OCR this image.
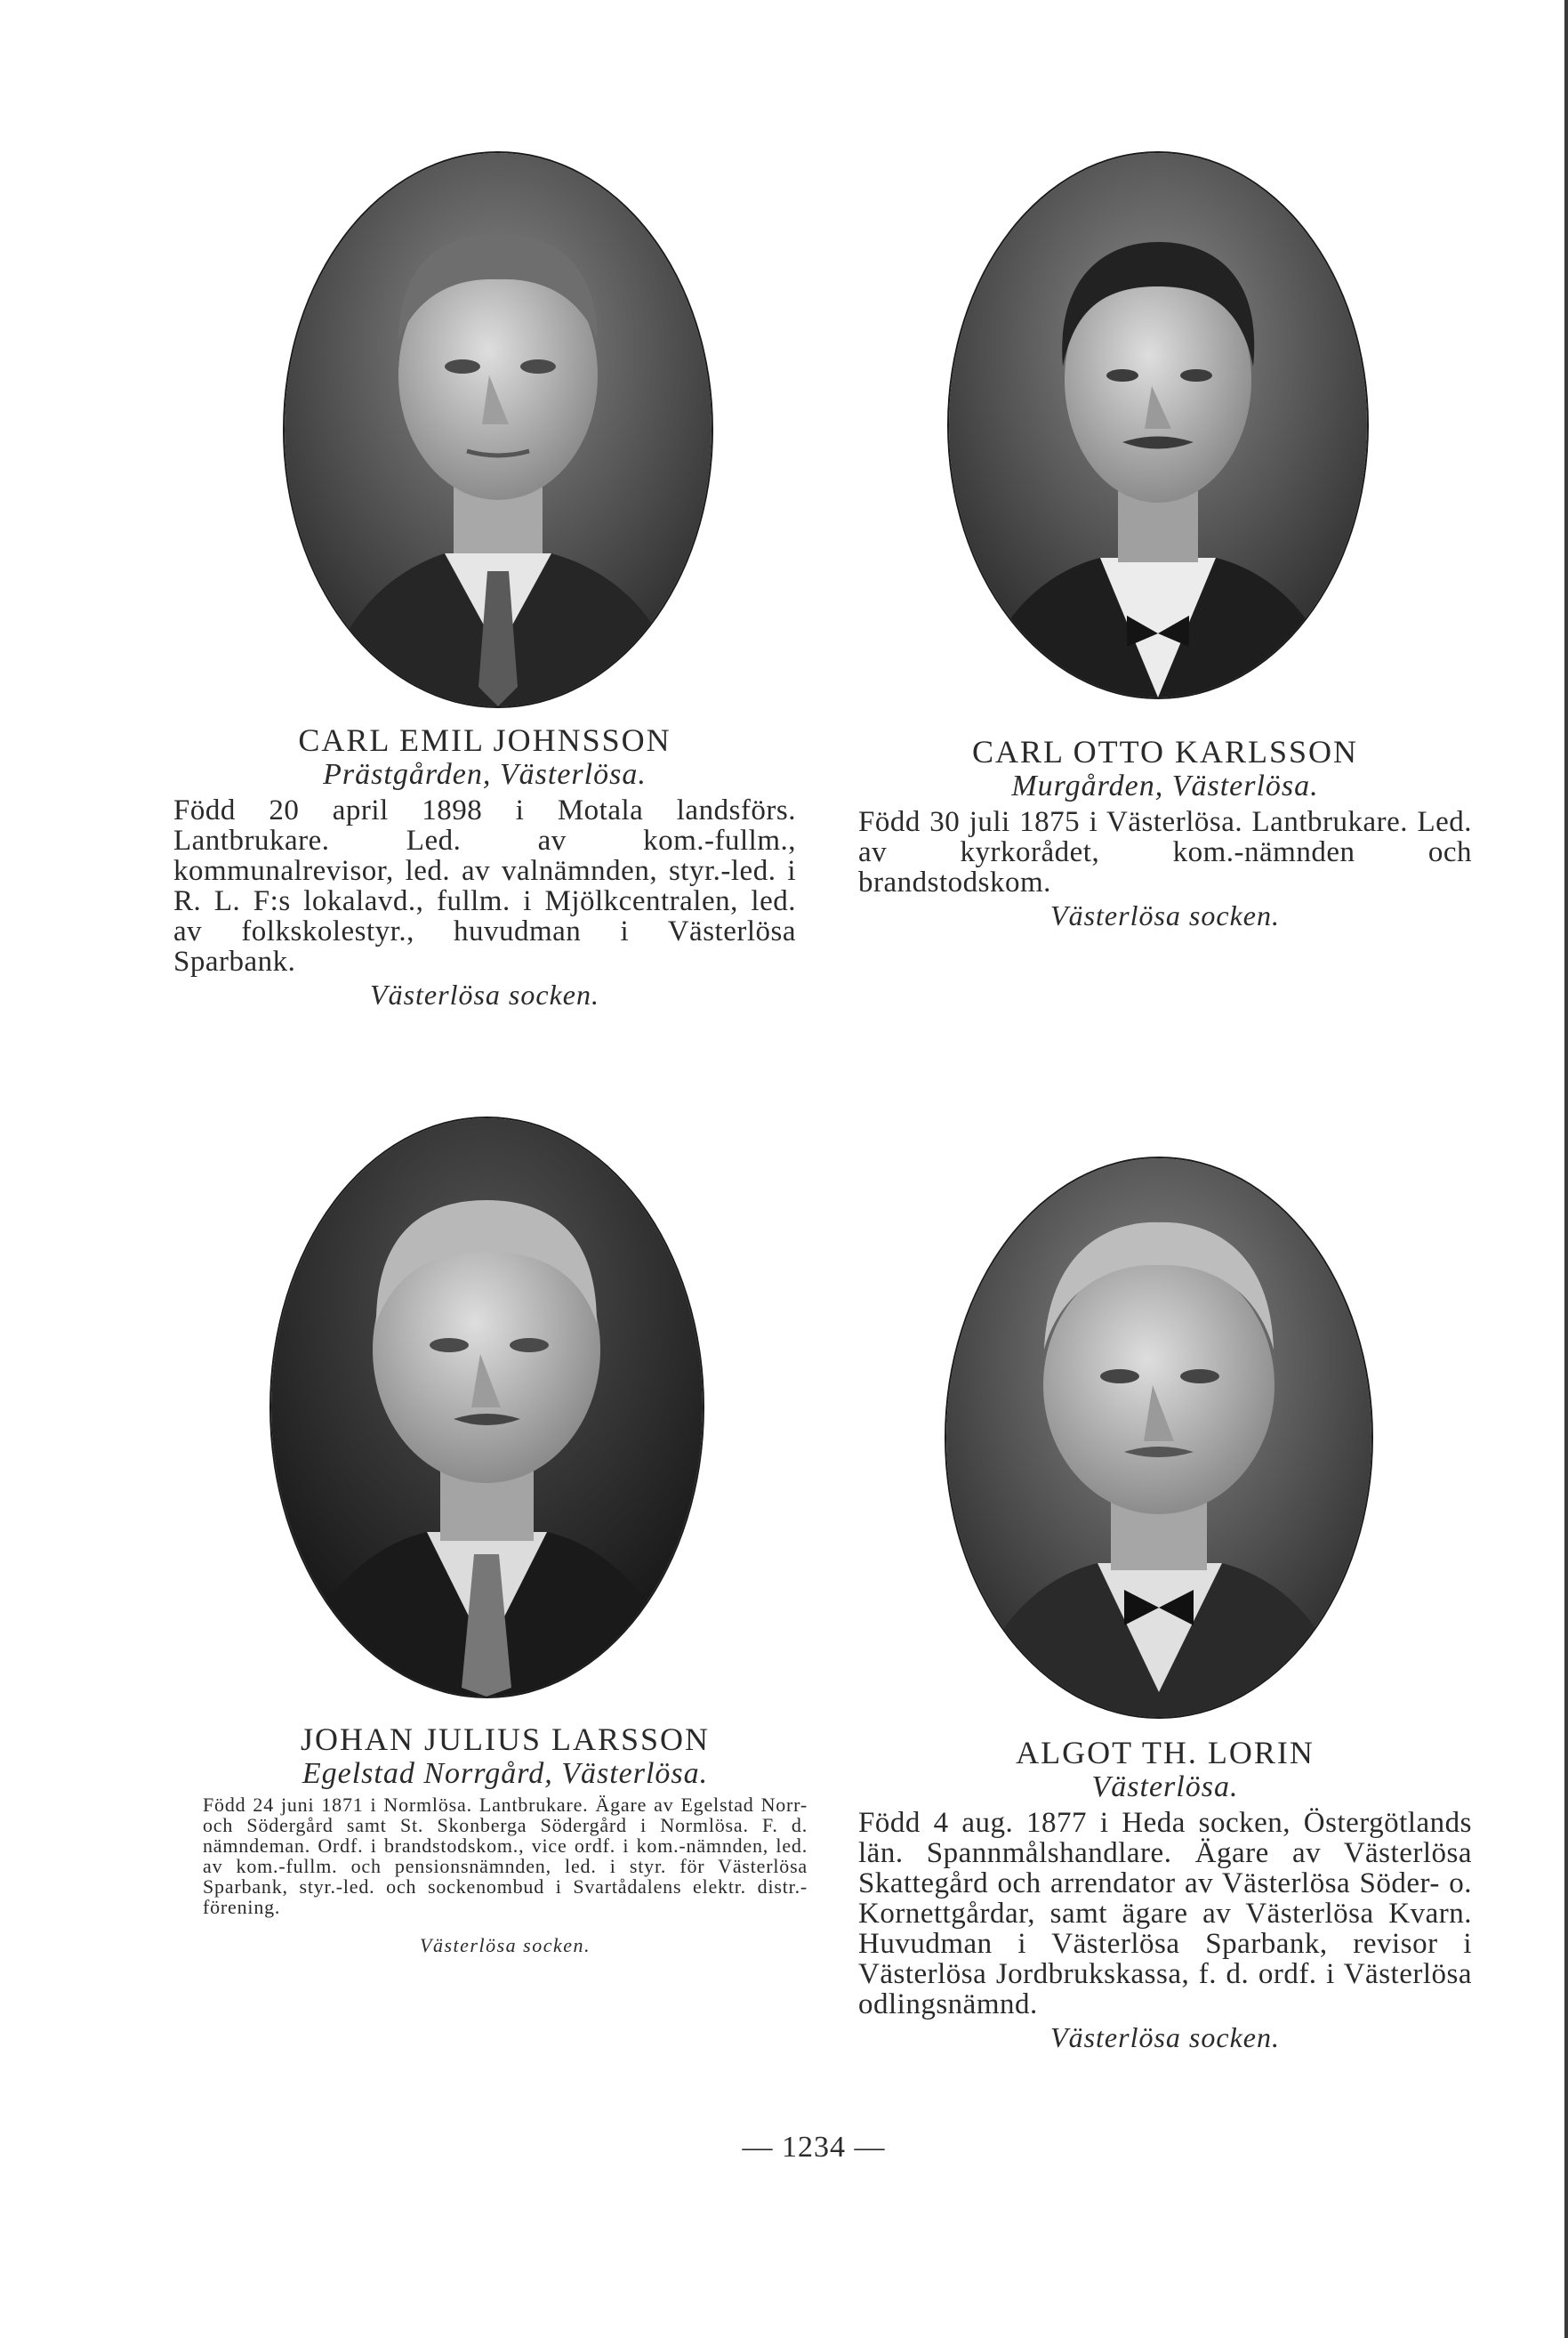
CARL EMIL JOHNSSON

Prästgården, Västerlösa.

Född 20 april 1898 i Motala landsförs. Lantbrukare. Led. av kom.-fullm., kommunalrevisor, led. av valnämnden, styr.-led. i R. L. F:s lokalavd., fullm. i Mjölkcentralen, led. av folkskolestyr., huvudman i Västerlösa Sparbank.

Västerlösa socken.

CARL OTTO KARLSSON

Murgården, Västerlösa.

Född 30 juli 1875 i Västerlösa. Lantbrukare. Led. av kyrkorådet, kom.-nämnden och brandstodskom.

Västerlösa socken.

JOHAN JULIUS LARSSON

Egelstad Norrgård, Västerlösa.

Född 24 juni 1871 i Normlösa. Lantbrukare. Ägare av Egelstad Norr- och Södergård samt St. Skonberga Södergård i Normlösa. F. d. nämndeman. Ordf. i brandstodskom., vice ordf. i kom.-nämnden, led. av kom.-fullm. och pensionsnämnden, led. i styr. för Västerlösa Sparbank, styr.-led. och sockenombud i Svartådalens elektr. distr.-förening.

Västerlösa socken.

ALGOT TH. LORIN

Västerlösa.

Född 4 aug. 1877 i Heda socken, Östergötlands län. Spannmålshandlare. Ägare av Västerlösa Skattegård och arrendator av Västerlösa Söder- o. Kornettgårdar, samt ägare av Västerlösa Kvarn. Huvudman i Västerlösa Sparbank, revisor i Västerlösa Jordbrukskassa, f. d. ordf. i Västerlösa odlingsnämnd.

Västerlösa socken.

— 1234 —
